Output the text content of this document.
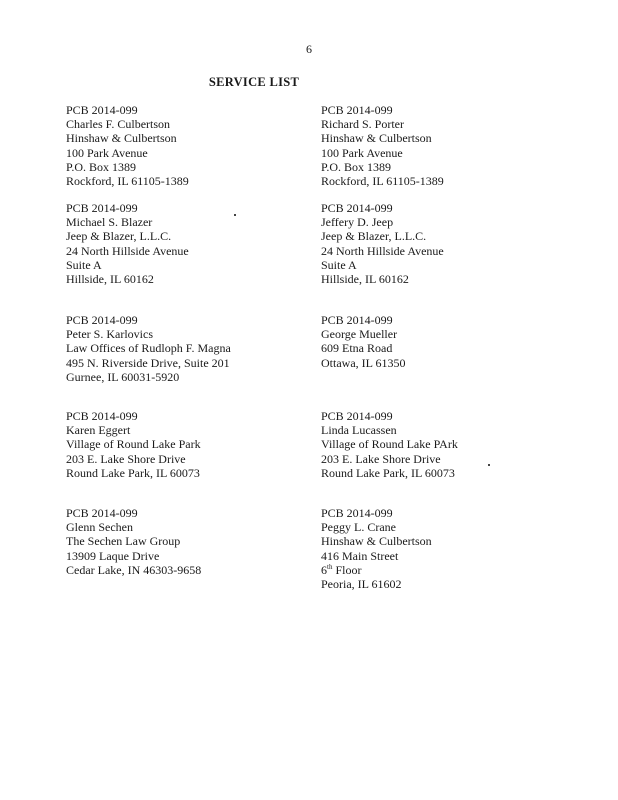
6
SERVICE LIST
PCB 2014-099
Charles F. Culbertson
Hinshaw & Culbertson
100 Park Avenue
P.O. Box 1389
Rockford, IL 61105-1389
PCB 2014-099
Richard S. Porter
Hinshaw & Culbertson
100 Park Avenue
P.O. Box 1389
Rockford, IL 61105-1389
PCB 2014-099
Michael S. Blazer
Jeep & Blazer, L.L.C.
24 North Hillside Avenue
Suite A
Hillside, IL 60162
PCB 2014-099
Jeffery D. Jeep
Jeep & Blazer, L.L.C.
24 North Hillside Avenue
Suite A
Hillside, IL 60162
PCB 2014-099
Peter S. Karlovics
Law Offices of Rudloph F. Magna
495 N. Riverside Drive, Suite 201
Gurnee, IL 60031-5920
PCB 2014-099
George Mueller
609 Etna Road
Ottawa, IL 61350
PCB 2014-099
Karen Eggert
Village of Round Lake Park
203 E. Lake Shore Drive
Round Lake Park, IL 60073
PCB 2014-099
Linda Lucassen
Village of Round Lake PArk
203 E. Lake Shore Drive
Round Lake Park, IL 60073
PCB 2014-099
Glenn Sechen
The Sechen Law Group
13909 Laque Drive
Cedar Lake, IN 46303-9658
PCB 2014-099
Peggy L. Crane
Hinshaw & Culbertson
416 Main Street
6th Floor
Peoria, IL 61602
